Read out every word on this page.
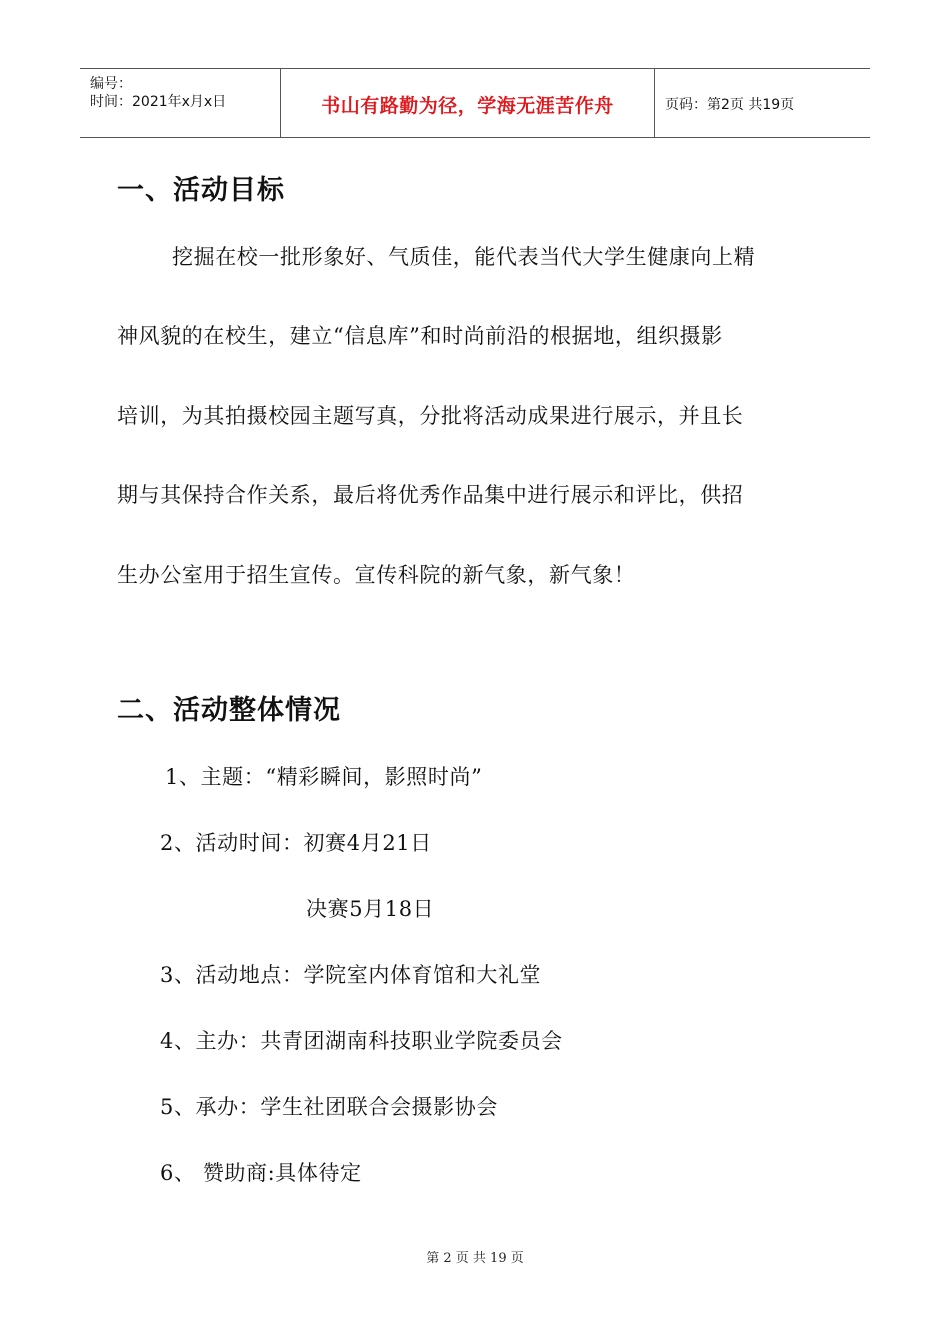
编号：
时间：2021年x月x日	书山有路勤为径，学海无涯苦作舟	页码：第2页 共19页
一、活动目标
挖掘在校一批形象好、气质佳，能代表当代大学生健康向上精
神风貌的在校生，建立“信息库”和时尚前沿的根据地，组织摄影
培训，为其拍摄校园主题写真，分批将活动成果进行展示，并且长
期与其保持合作关系，最后将优秀作品集中进行展示和评比，供招
生办公室用于招生宣传。宣传科院的新气象，新气象！
二、活动整体情况
1、主题：“精彩瞬间，影照时尚”
2、活动时间：初赛4月21日
决赛5月18日
3、活动地点：学院室内体育馆和大礼堂
4、主办：共青团湖南科技职业学院委员会
5、承办：学生社团联合会摄影协会
6、 赞助商:具体待定
第 2 页 共 19 页
